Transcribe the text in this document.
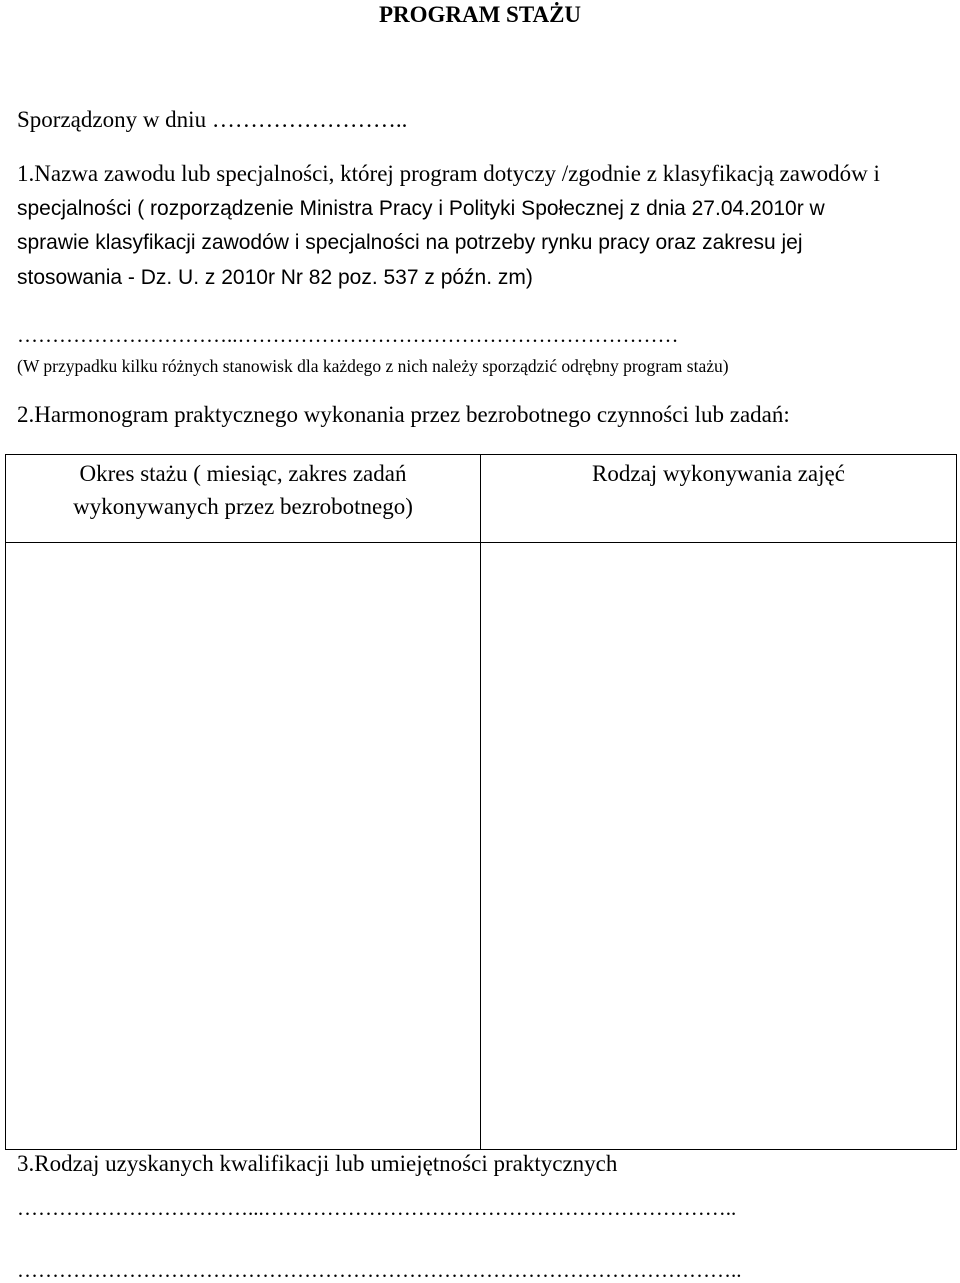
PROGRAM STAŻU
Sporządzony w dniu ……………………..
1.Nazwa zawodu lub specjalności, której program dotyczy /zgodnie z klasyfikacją zawodów i
specjalności ( rozporządzenie Ministra Pracy i Polityki Społecznej z dnia 27.04.2010r w
sprawie klasyfikacji zawodów i specjalności na potrzeby rynku pracy oraz zakresu jej
stosowania - Dz. U. z 2010r Nr 82 poz. 537 z późn. zm)
…………………………..………………………………………………………
(W przypadku kilku różnych stanowisk dla każdego z nich należy sporządzić odrębny program stażu)
2.Harmonogram praktycznego wykonania przez bezrobotnego czynności lub zadań:
Okres stażu ( miesiąc, zakres zadań
wykonywanych przez bezrobotnego)	Rodzaj wykonywania zajęć

3.Rodzaj uzyskanych kwalifikacji lub umiejętności praktycznych
……………………………...…………………………………………………………..
…………………………………………………………………………………………..
